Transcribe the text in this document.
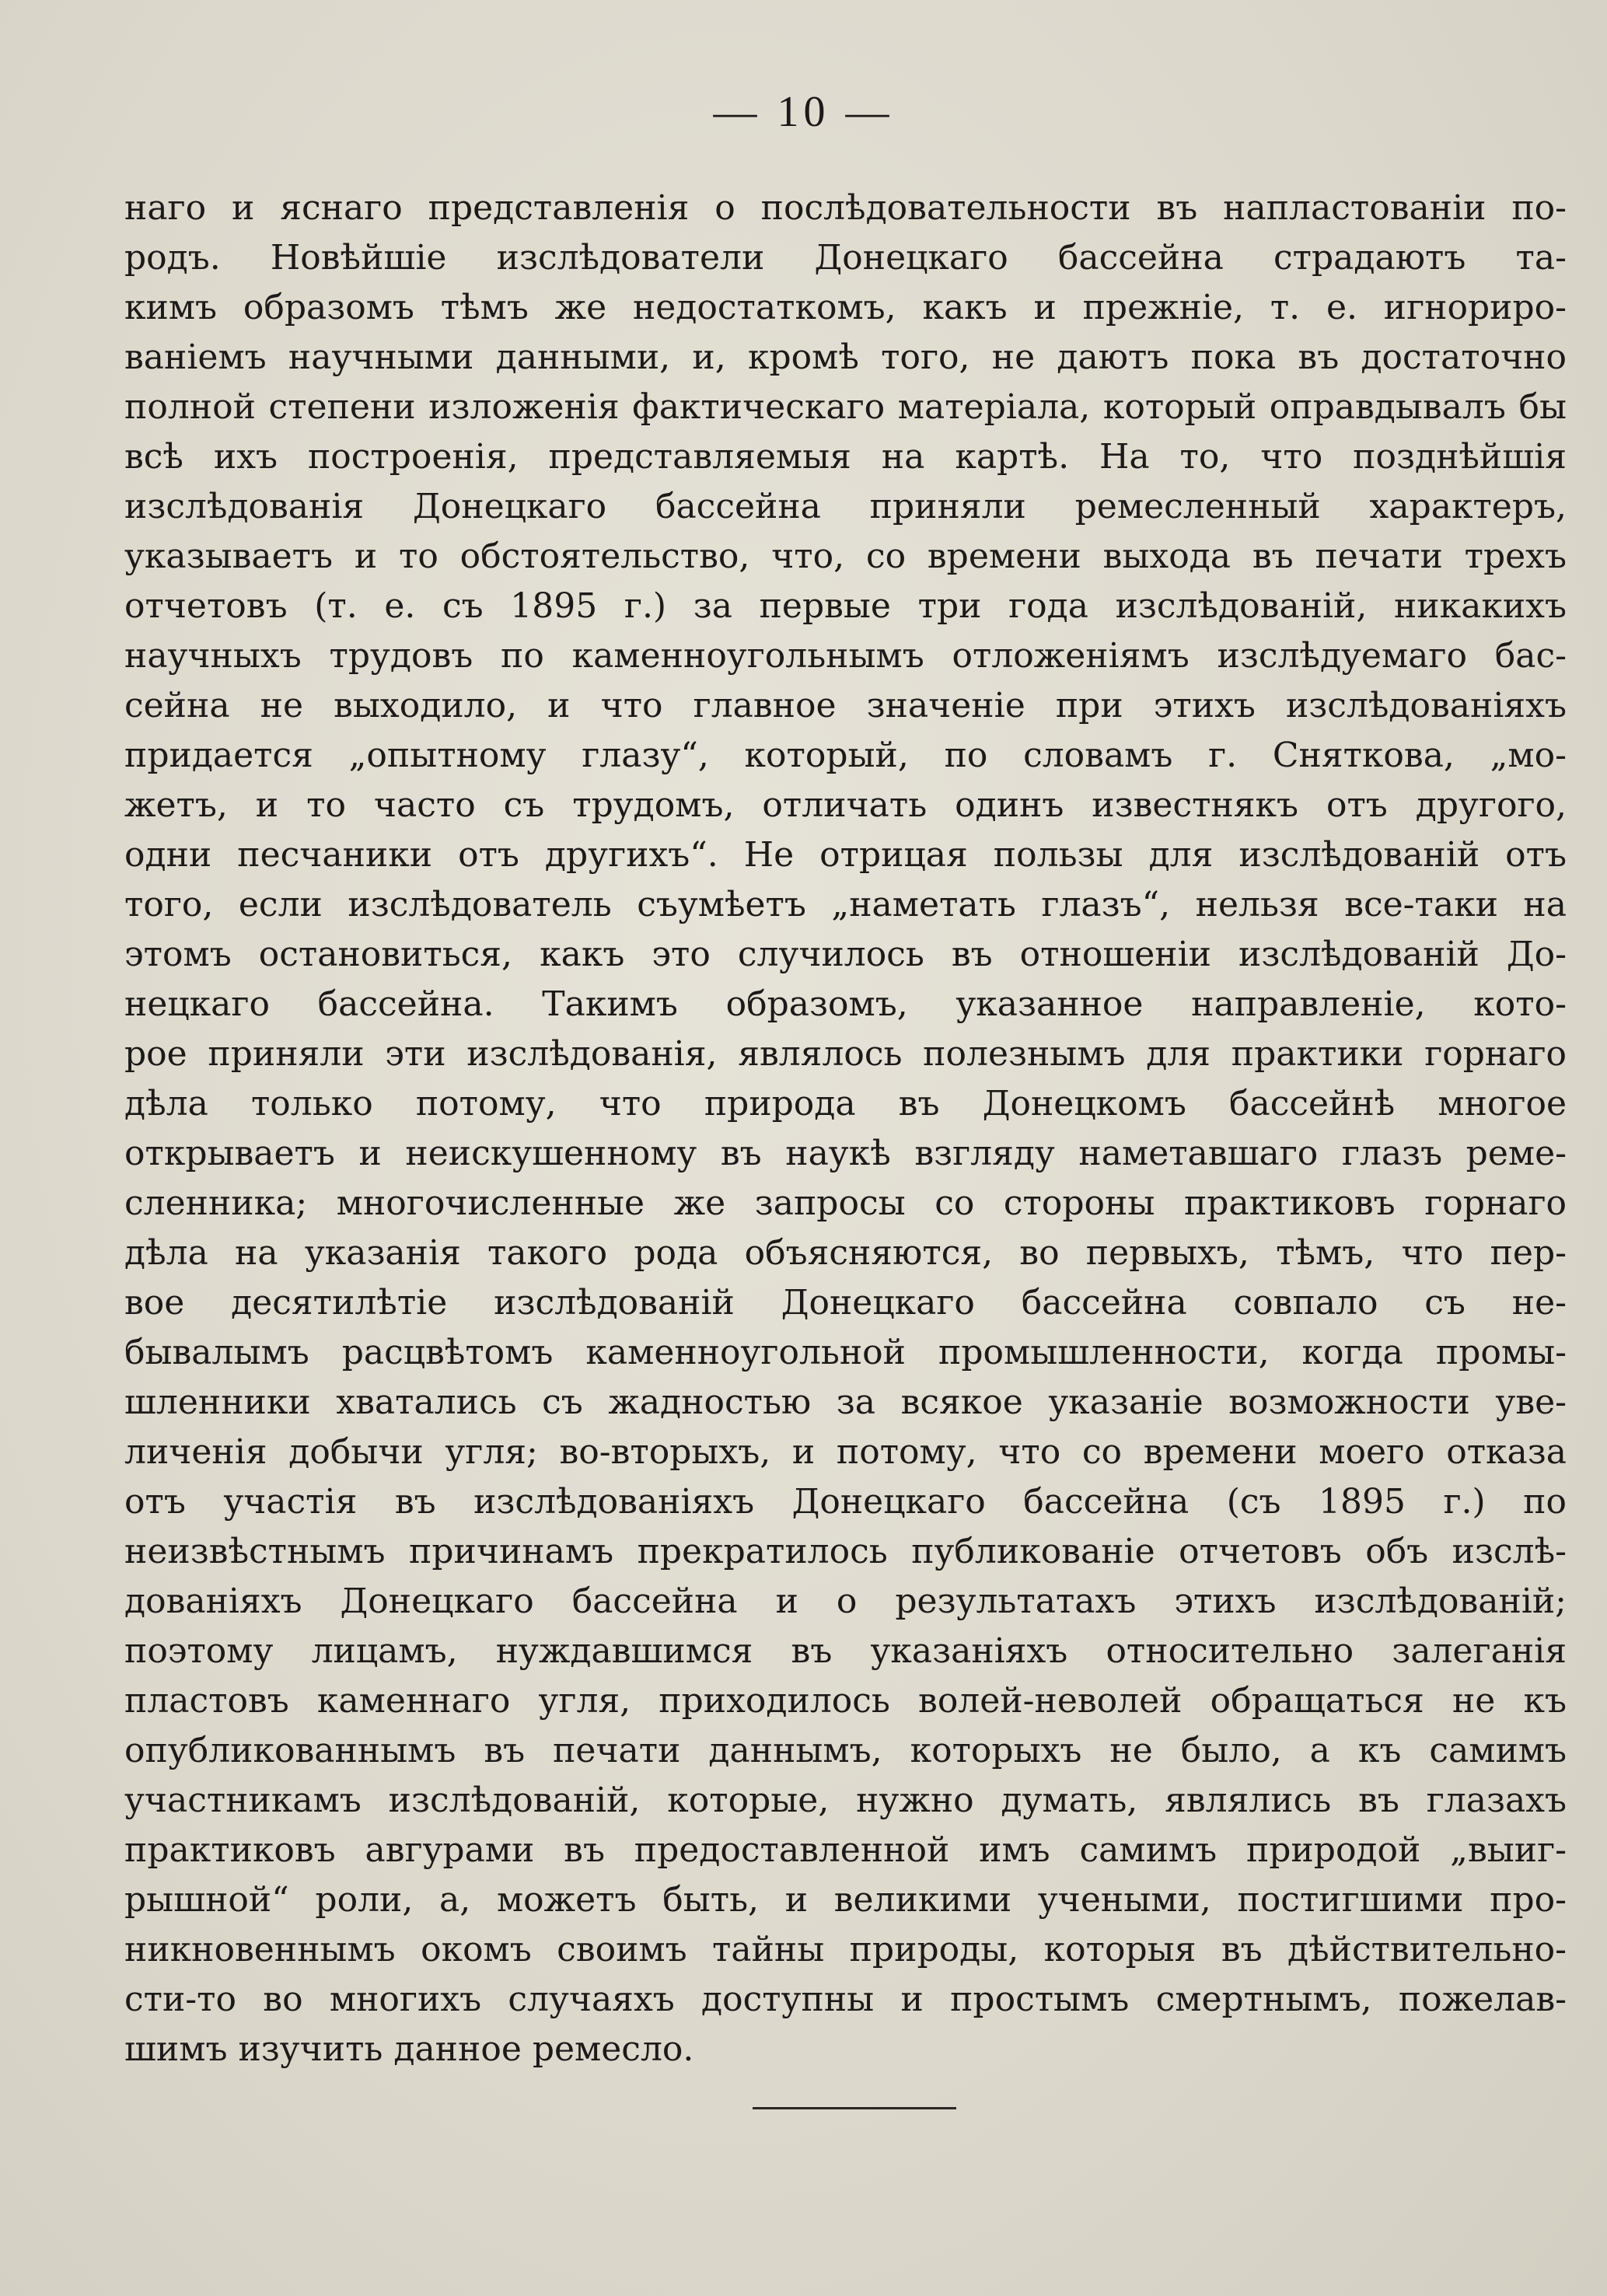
— 10 —
наго и яснаго представленія о послѣдовательности въ напластованіи по-
родъ. Новѣйшіе изслѣдователи Донецкаго бассейна страдаютъ та-
кимъ образомъ тѣмъ же недостаткомъ, какъ и прежніе, т. е. игнориро-
ваніемъ научными данными, и, кромѣ того, не даютъ пока въ достаточно
полной степени изложенія фактическаго матеріала, который оправдывалъ бы
всѣ ихъ построенія, представляемыя на картѣ. На то, что позднѣйшія
изслѣдованія Донецкаго бассейна приняли ремесленный характеръ,
указываетъ и то обстоятельство, что, со времени выхода въ печати трехъ
отчетовъ (т. е. съ 1895 г.) за первые три года изслѣдованій, никакихъ
научныхъ трудовъ по каменноугольнымъ отложеніямъ изслѣдуемаго бас-
сейна не выходило, и что главное значеніе при этихъ изслѣдованіяхъ
придается „опытному глазу“, который, по словамъ г. Снятковa, „мо-
жетъ, и то часто съ трудомъ, отличать одинъ известнякъ отъ другого,
одни песчаники отъ другихъ“. Не отрицая пользы для изслѣдованій отъ
того, если изслѣдователь съумѣетъ „наметать глазъ“, нельзя все-таки на
этомъ остановиться, какъ это случилось въ отношеніи изслѣдованій До-
нецкаго бассейна. Такимъ образомъ, указанное направленіе, кото-
рое приняли эти изслѣдованія, являлось полезнымъ для практики горнаго
дѣла только потому, что природа въ Донецкомъ бассейнѣ многое
открываетъ и неискушенному въ наукѣ взгляду наметавшаго глазъ реме-
сленника; многочисленные же запросы со стороны практиковъ горнаго
дѣла на указанія такого рода объясняются, во первыхъ, тѣмъ, что пер-
вое десятилѣтіе изслѣдованій Донецкаго бассейна совпало съ не-
бывалымъ расцвѣтомъ каменноугольной промышленности, когда промы-
шленники хватались съ жадностью за всякое указаніе возможности уве-
личенія добычи угля; во-вторыхъ, и потому, что со времени моего отказа
отъ участія въ изслѣдованіяхъ Донецкаго бассейна (съ 1895 г.) по
неизвѣстнымъ причинамъ прекратилось публикованіе отчетовъ объ изслѣ-
дованіяхъ Донецкаго бассейна и о результатахъ этихъ изслѣдованій;
поэтому лицамъ, нуждавшимся въ указаніяхъ относительно залеганія
пластовъ каменнаго угля, приходилось волей-неволей обращаться не къ
опубликованнымъ въ печати даннымъ, которыхъ не было, а къ самимъ
участникамъ изслѣдованій, которые, нужно думать, являлись въ глазахъ
практиковъ авгурами въ предоставленной имъ самимъ природой „выиг-
рышной“ роли, а, можетъ быть, и великими учеными, постигшими про-
никновеннымъ окомъ своимъ тайны природы, которыя въ дѣйствительно-
сти-то во многихъ случаяхъ доступны и простымъ смертнымъ, пожелав-
шимъ изучить данное ремесло.
